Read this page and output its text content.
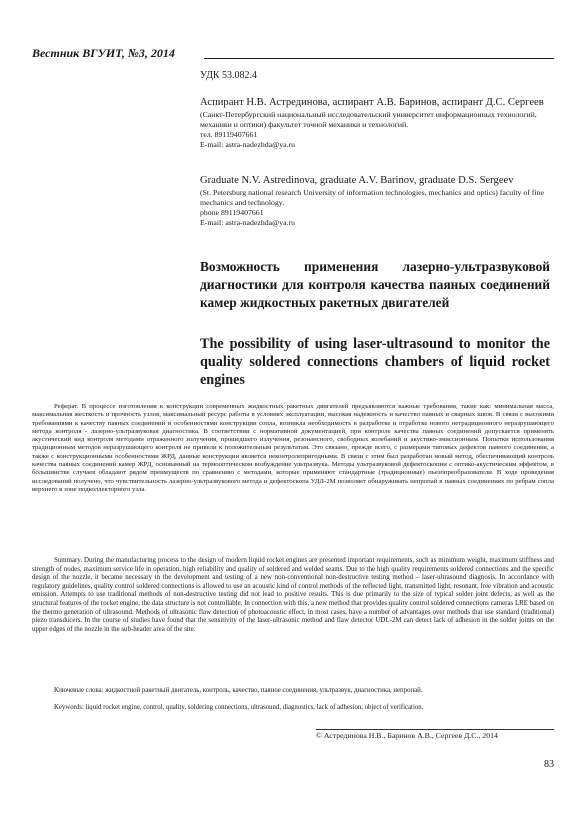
Вестник ВГУИТ, №3, 2014
УДК 53.082.4
Аспирант Н.В. Астрединова, аспирант А.В. Баринов, аспирант Д.С. Сергеев
(Санкт-Петербургский национальный исследовательский университет информационных технологий, механики и оптики) факультет точной механики и технологий.
тел. 89119407661
E-mail: astra-nadezhda@ya.ru
Graduate N.V. Astredinova, graduate A.V. Barinov, graduate D.S. Sergeev
(St. Petersburg national research University of information technologies, mechanics and optics) faculty of fine mechanics and technology.
phone 89119407661
E-mail: astra-nadezhda@ya.ru
Возможность применения лазерно-ультразвуковой диагностики для контроля качества паяных соединений камер жидкостных ракетных двигателей
The possibility of using laser-ultrasound to monitor the quality soldered connections chambers of liquid rocket engines
Реферат. В процессе изготовления к конструкции современных жидкостных ракетных двигателей предъявляются важные требования, такие как: минимальная масса, максимальная жесткость и прочность узлов, максимальный ресурс работы в условиях эксплуатации, высокая надежность и качество паяных и сварных швов. В связи с высокими требованиями к качеству паяных соединений и особенностями конструкции сопла, возникла необходимость в разработке и отработке нового нетрадиционного неразрушающего метода контроля - лазерно-ультразвуковая диагностика. В соответствии с нормативной документацией, при контроле качества паяных соединений допускается применять акустический вид контроля методами отраженного излучения, прошедшего излучения, резонансного, свободных колебаний и акустико-эмиссионным. Попытки использования традиционным методов неразрушающего контроля не привели к положительным результатам. Это связано, прежде всего, с размерами типовых дефектов паяного соединения, а также с конструкционными особенностями ЖРД, данные конструкции является неконтролепригодными. В связи с этим был разработан новый метод, обеспечивающий контроль качества паяных соединений камер ЖРД, основанный на термооптическом возбуждение ультразвука. Методы ультразвуковой дефектоскопии с оптико-акустическим эффектом, в большинстве случаев обладают рядом преимуществ по сравнению с методами, которые применяют стандартные (традиционные) пьезопреобразователи. В ходе проведения исследований получено, что чувствительность лазерно-ультразвукового метода и дефектоскопа УДЛ-2М позволяет обнаруживать непропай в паяных соединениях по ребрам сопла верхнего в зоне подколлекторного узла.
Summary. During the manufacturing process to the design of modern liquid rocket engines are presented important requirements, such as minimum weight, maximum stiffness and strength of nodes, maximum service life in operation, high reliability and quality of soldered and welded seams. Due to the high quality requirements soldered connections and the specific design of the nozzle, it became necessary in the development and testing of a new non-conventional non-destructive testing method – laser-ultrasound diagnosis. In accordance with regulatory guidelines, quality control soldered connections is allowed to use an acoustic kind of control methods of the reflected light, transmitted light, resonant, free vibration and acoustic emission. Attempts to use traditional methods of non-destructive testing did not lead to positive results. This is due primarily to the size of typical solder joint defects, as well as the structural features of the rocket engine, the data structure is not controllable. In connection with this, a new method that provides quality control soldered connections cameras LRE based on the thermo generation of ultrasound. Methods of ultrasonic flaw detection of photoacoustic effect, in most cases, have a number of advantages over methods that use standard (traditional) piezo transducers. In the course of studies have found that the sensitivity of the laser-ultrasonic method and flaw detector UDL-2M can detect lack of adhesion in the solder joints on the upper edges of the nozzle in the sub-header area of the site.
Ключевые слова: жидкостной ракетный двигатель, контроль, качество, паяное соединения, ультразвук, диагностика, непропай.
Keywords: liquid rocket engine, control, quality, soldering connections, ultrasound, diagnostics, lack of adhesion, object of verification.
© Астрединова Н.В., Баринов А.В., Сергеев Д.С., 2014
83
